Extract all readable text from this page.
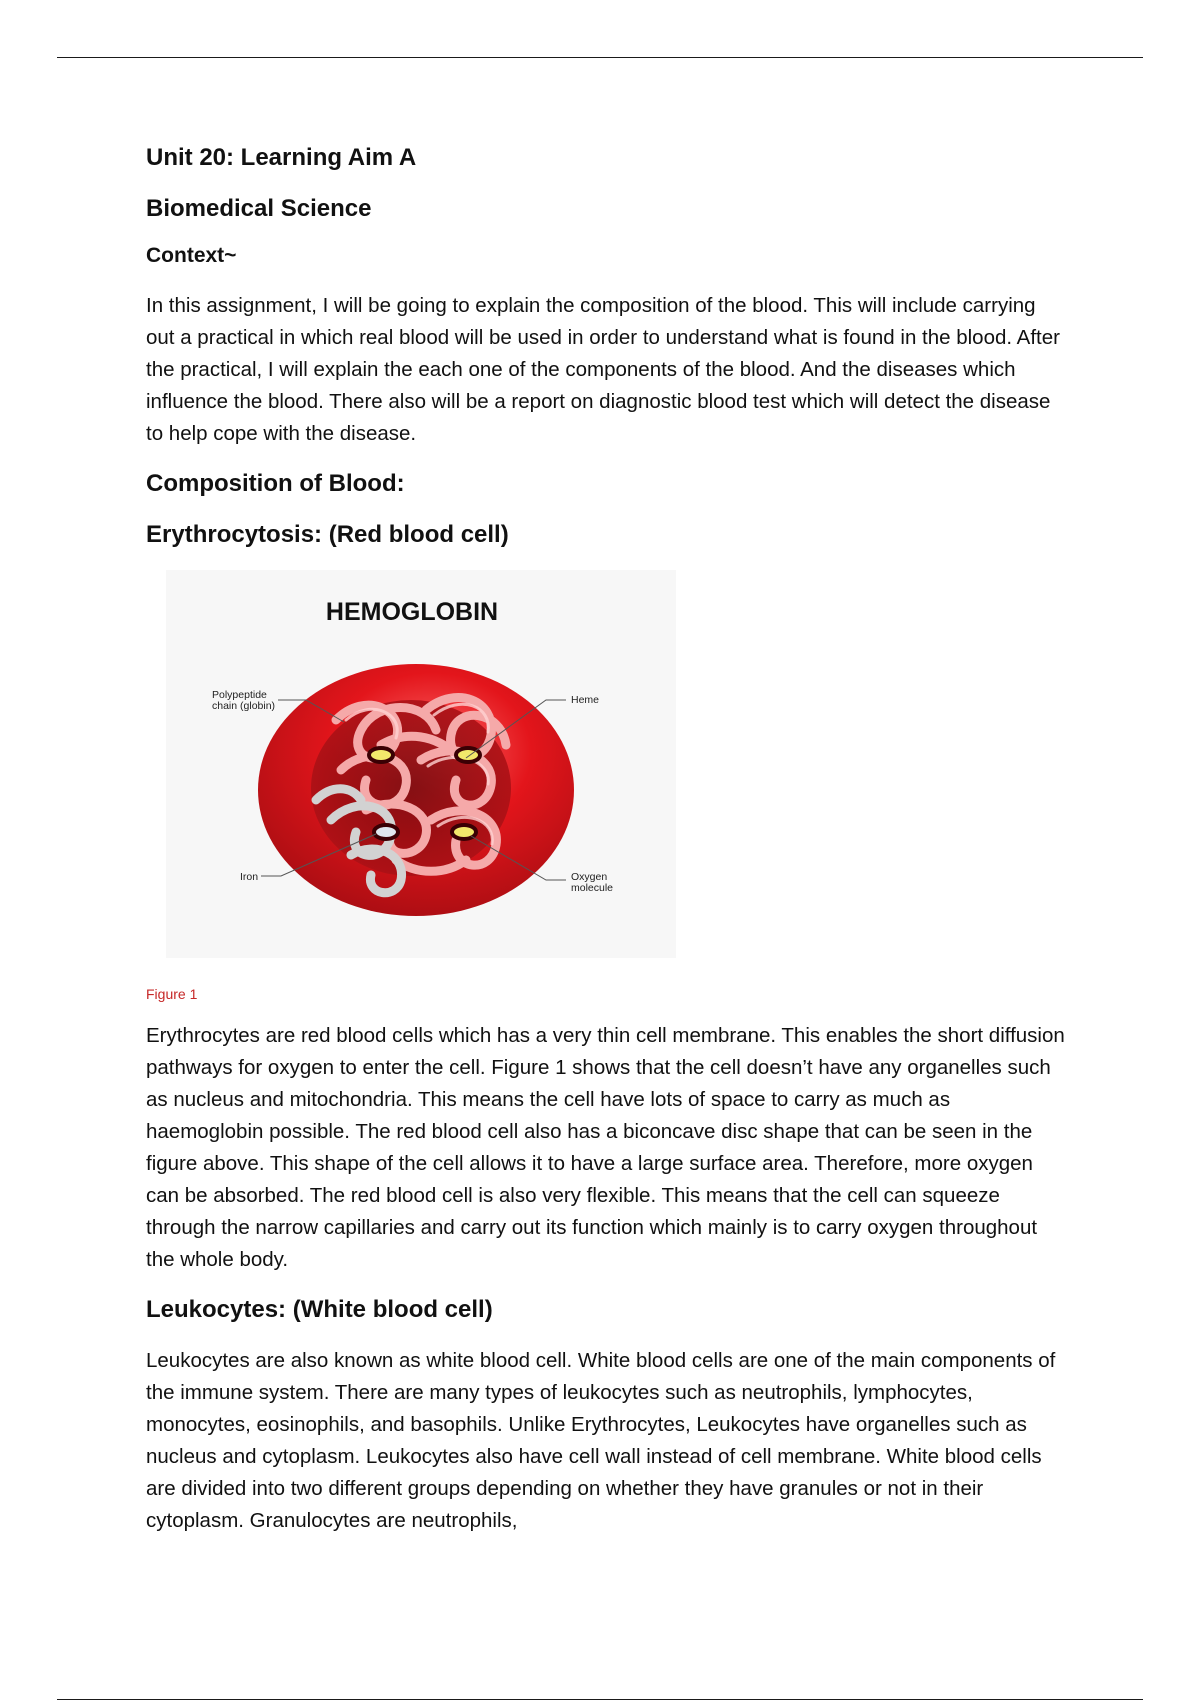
Unit 20: Learning Aim A
Biomedical Science
Context~

In this assignment, I will be going to explain the composition of the blood. This will include carrying out a practical in which real blood will be used in order to understand what is found in the blood. After the practical, I will explain the each one of the components of the blood. And the diseases which influence the blood. There also will be a report on diagnostic blood test which will detect the disease to help cope with the disease.

Composition of Blood:
Erythrocytosis: (Red blood cell)
HEMOGLOBIN
Polypeptide
chain (globin)	Heme
Iron	Oxygen
molecule
Figure 1

Erythrocytes are red blood cells which has a very thin cell membrane. This enables the short diffusion pathways for oxygen to enter the cell. Figure 1 shows that the cell doesn’t have any organelles such as nucleus and mitochondria. This means the cell have lots of space to carry as much as haemoglobin possible. The red blood cell also has a biconcave disc shape that can be seen in the figure above. This shape of the cell allows it to have a large surface area. Therefore, more oxygen can be absorbed. The red blood cell is also very flexible. This means that the cell can squeeze through the narrow capillaries and carry out its function which mainly is to carry oxygen throughout the whole body.

Leukocytes: (White blood cell)

Leukocytes are also known as white blood cell. White blood cells are one of the main components of the immune system. There are many types of leukocytes such as neutrophils, lymphocytes, monocytes, eosinophils, and basophils. Unlike Erythrocytes, Leukocytes have organelles such as nucleus and cytoplasm. Leukocytes also have cell wall instead of cell membrane. White blood cells are divided into two different groups depending on whether they have granules or not in their cytoplasm. Granulocytes are neutrophils,
